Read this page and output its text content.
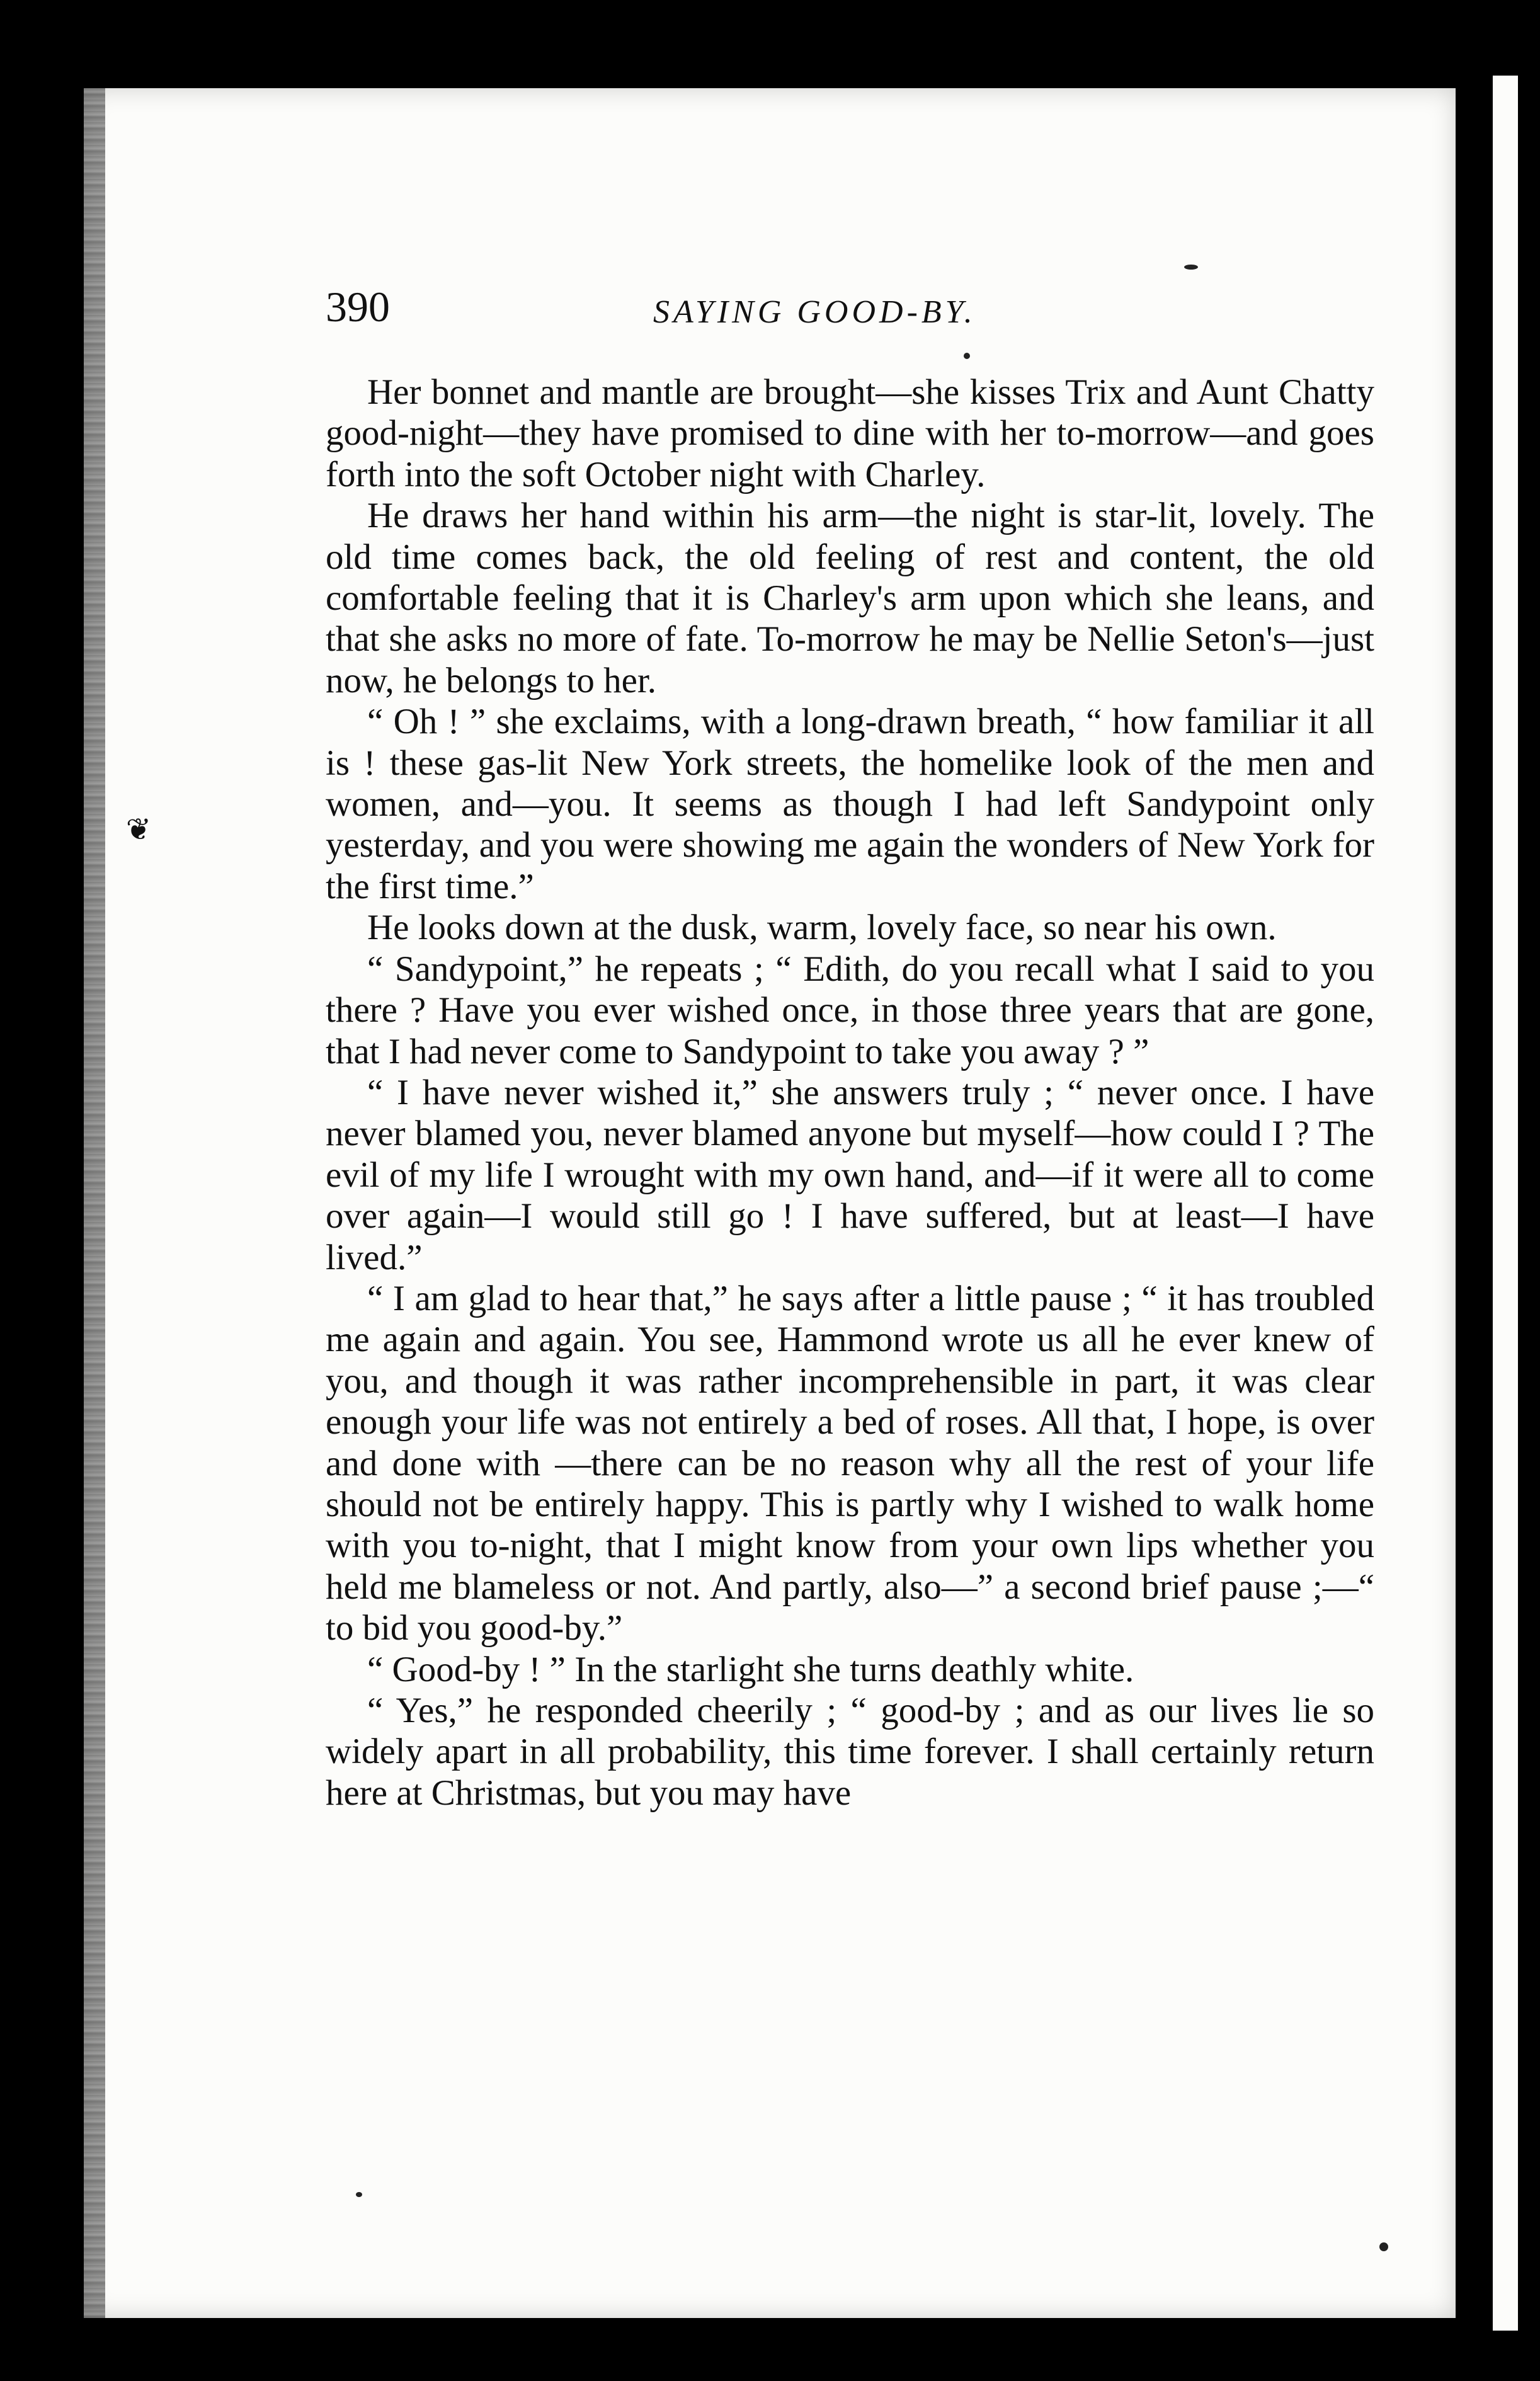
❦
390	SAYING GOOD-BY.

Her bonnet and mantle are brought—she kisses Trix and Aunt Chatty good-night—they have promised to dine with her to-morrow—and goes forth into the soft October night with Charley.

He draws her hand within his arm—the night is star-lit, lovely. The old time comes back, the old feeling of rest and content, the old comfortable feeling that it is Charley's arm upon which she leans, and that she asks no more of fate. To-morrow he may be Nellie Seton's—just now, he belongs to her.

“ Oh ! ” she exclaims, with a long-drawn breath, “ how familiar it all is ! these gas-lit New York streets, the homelike look of the men and women, and—you. It seems as though I had left Sandypoint only yesterday, and you were showing me again the wonders of New York for the first time.”

He looks down at the dusk, warm, lovely face, so near his own.

“ Sandypoint,” he repeats ; “ Edith, do you recall what I said to you there ? Have you ever wished once, in those three years that are gone, that I had never come to Sandypoint to take you away ? ”

“ I have never wished it,” she answers truly ; “ never once. I have never blamed you, never blamed anyone but myself—how could I ? The evil of my life I wrought with my own hand, and—if it were all to come over again—I would still go ! I have suffered, but at least—I have lived.”

“ I am glad to hear that,” he says after a little pause ; “ it has troubled me again and again. You see, Hammond wrote us all he ever knew of you, and though it was rather incomprehensible in part, it was clear enough your life was not entirely a bed of roses. All that, I hope, is over and done with —there can be no reason why all the rest of your life should not be entirely happy. This is partly why I wished to walk home with you to-night, that I might know from your own lips whether you held me blameless or not. And partly, also—” a second brief pause ;—“ to bid you good-by.”

“ Good-by ! ” In the starlight she turns deathly white.

“ Yes,” he responded cheerily ; “ good-by ; and as our lives lie so widely apart in all probability, this time forever. I shall certainly return here at Christmas, but you may have
